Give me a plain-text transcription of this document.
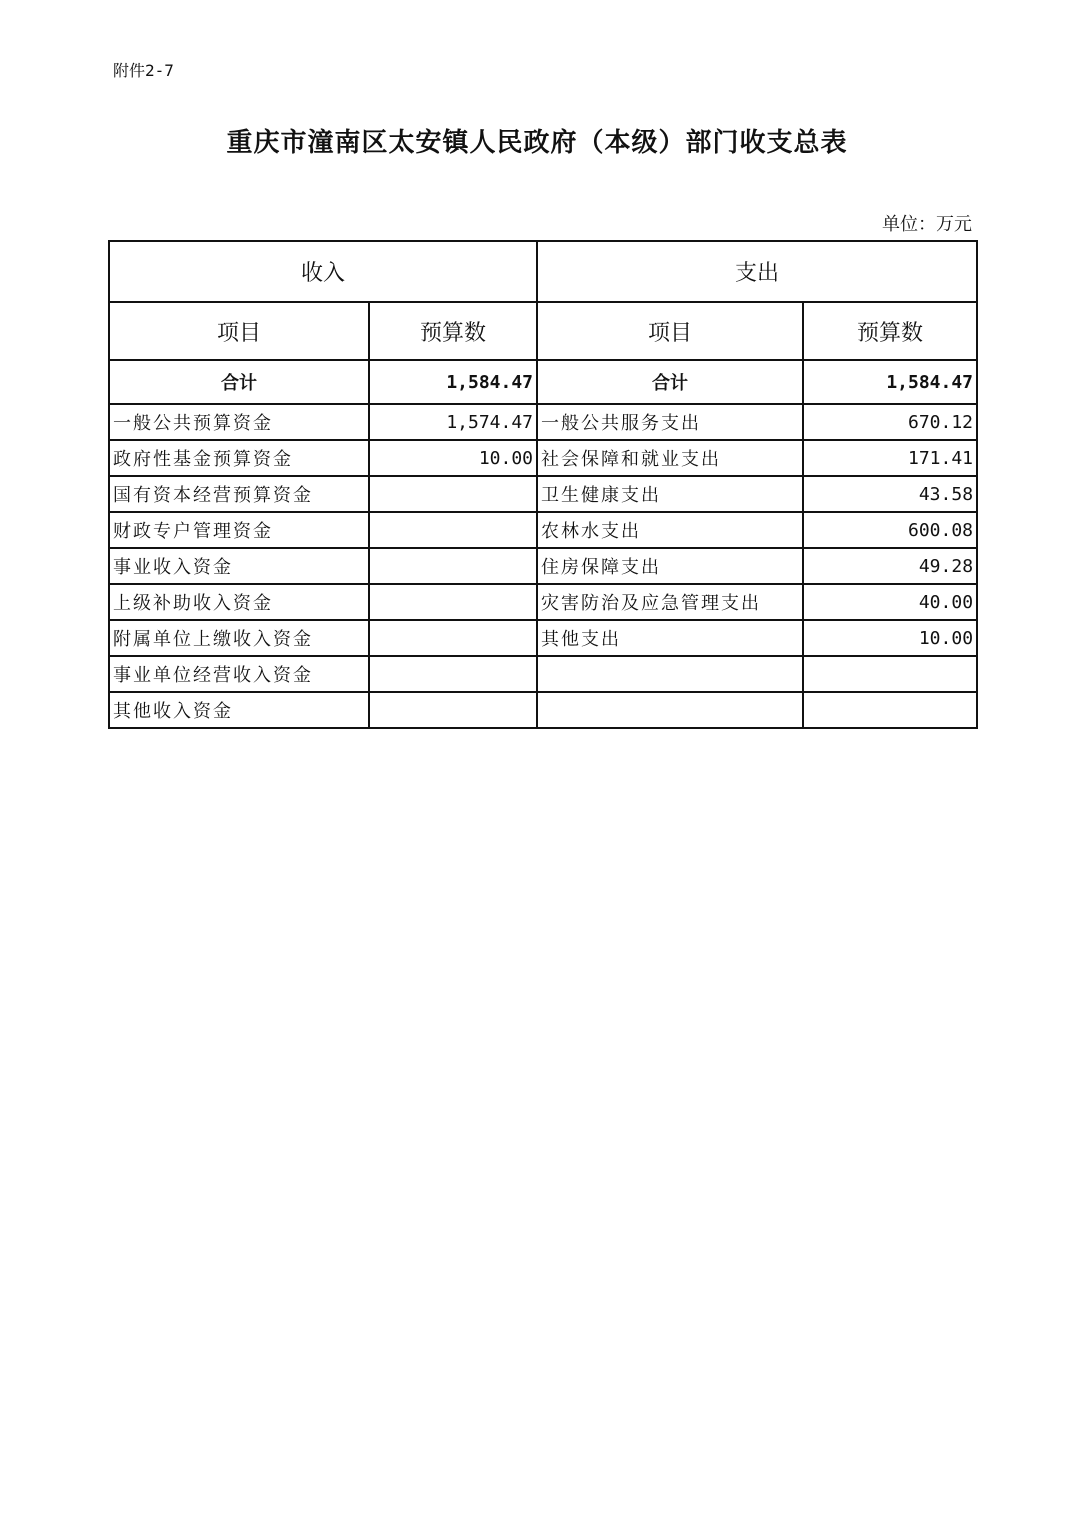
附件2-7
重庆市潼南区太安镇人民政府（本级）部门收支总表
单位：万元
收入		支出	
项目	预算数	项目	预算数
合计	1,584.47	合计	1,584.47
一般公共预算资金	1,574.47	一般公共服务支出	670.12
政府性基金预算资金	10.00	社会保障和就业支出	171.41
国有资本经营预算资金		卫生健康支出	43.58
财政专户管理资金		农林水支出	600.08
事业收入资金		住房保障支出	49.28
上级补助收入资金		灾害防治及应急管理支出	40.00
附属单位上缴收入资金		其他支出	10.00
事业单位经营收入资金			
其他收入资金			
